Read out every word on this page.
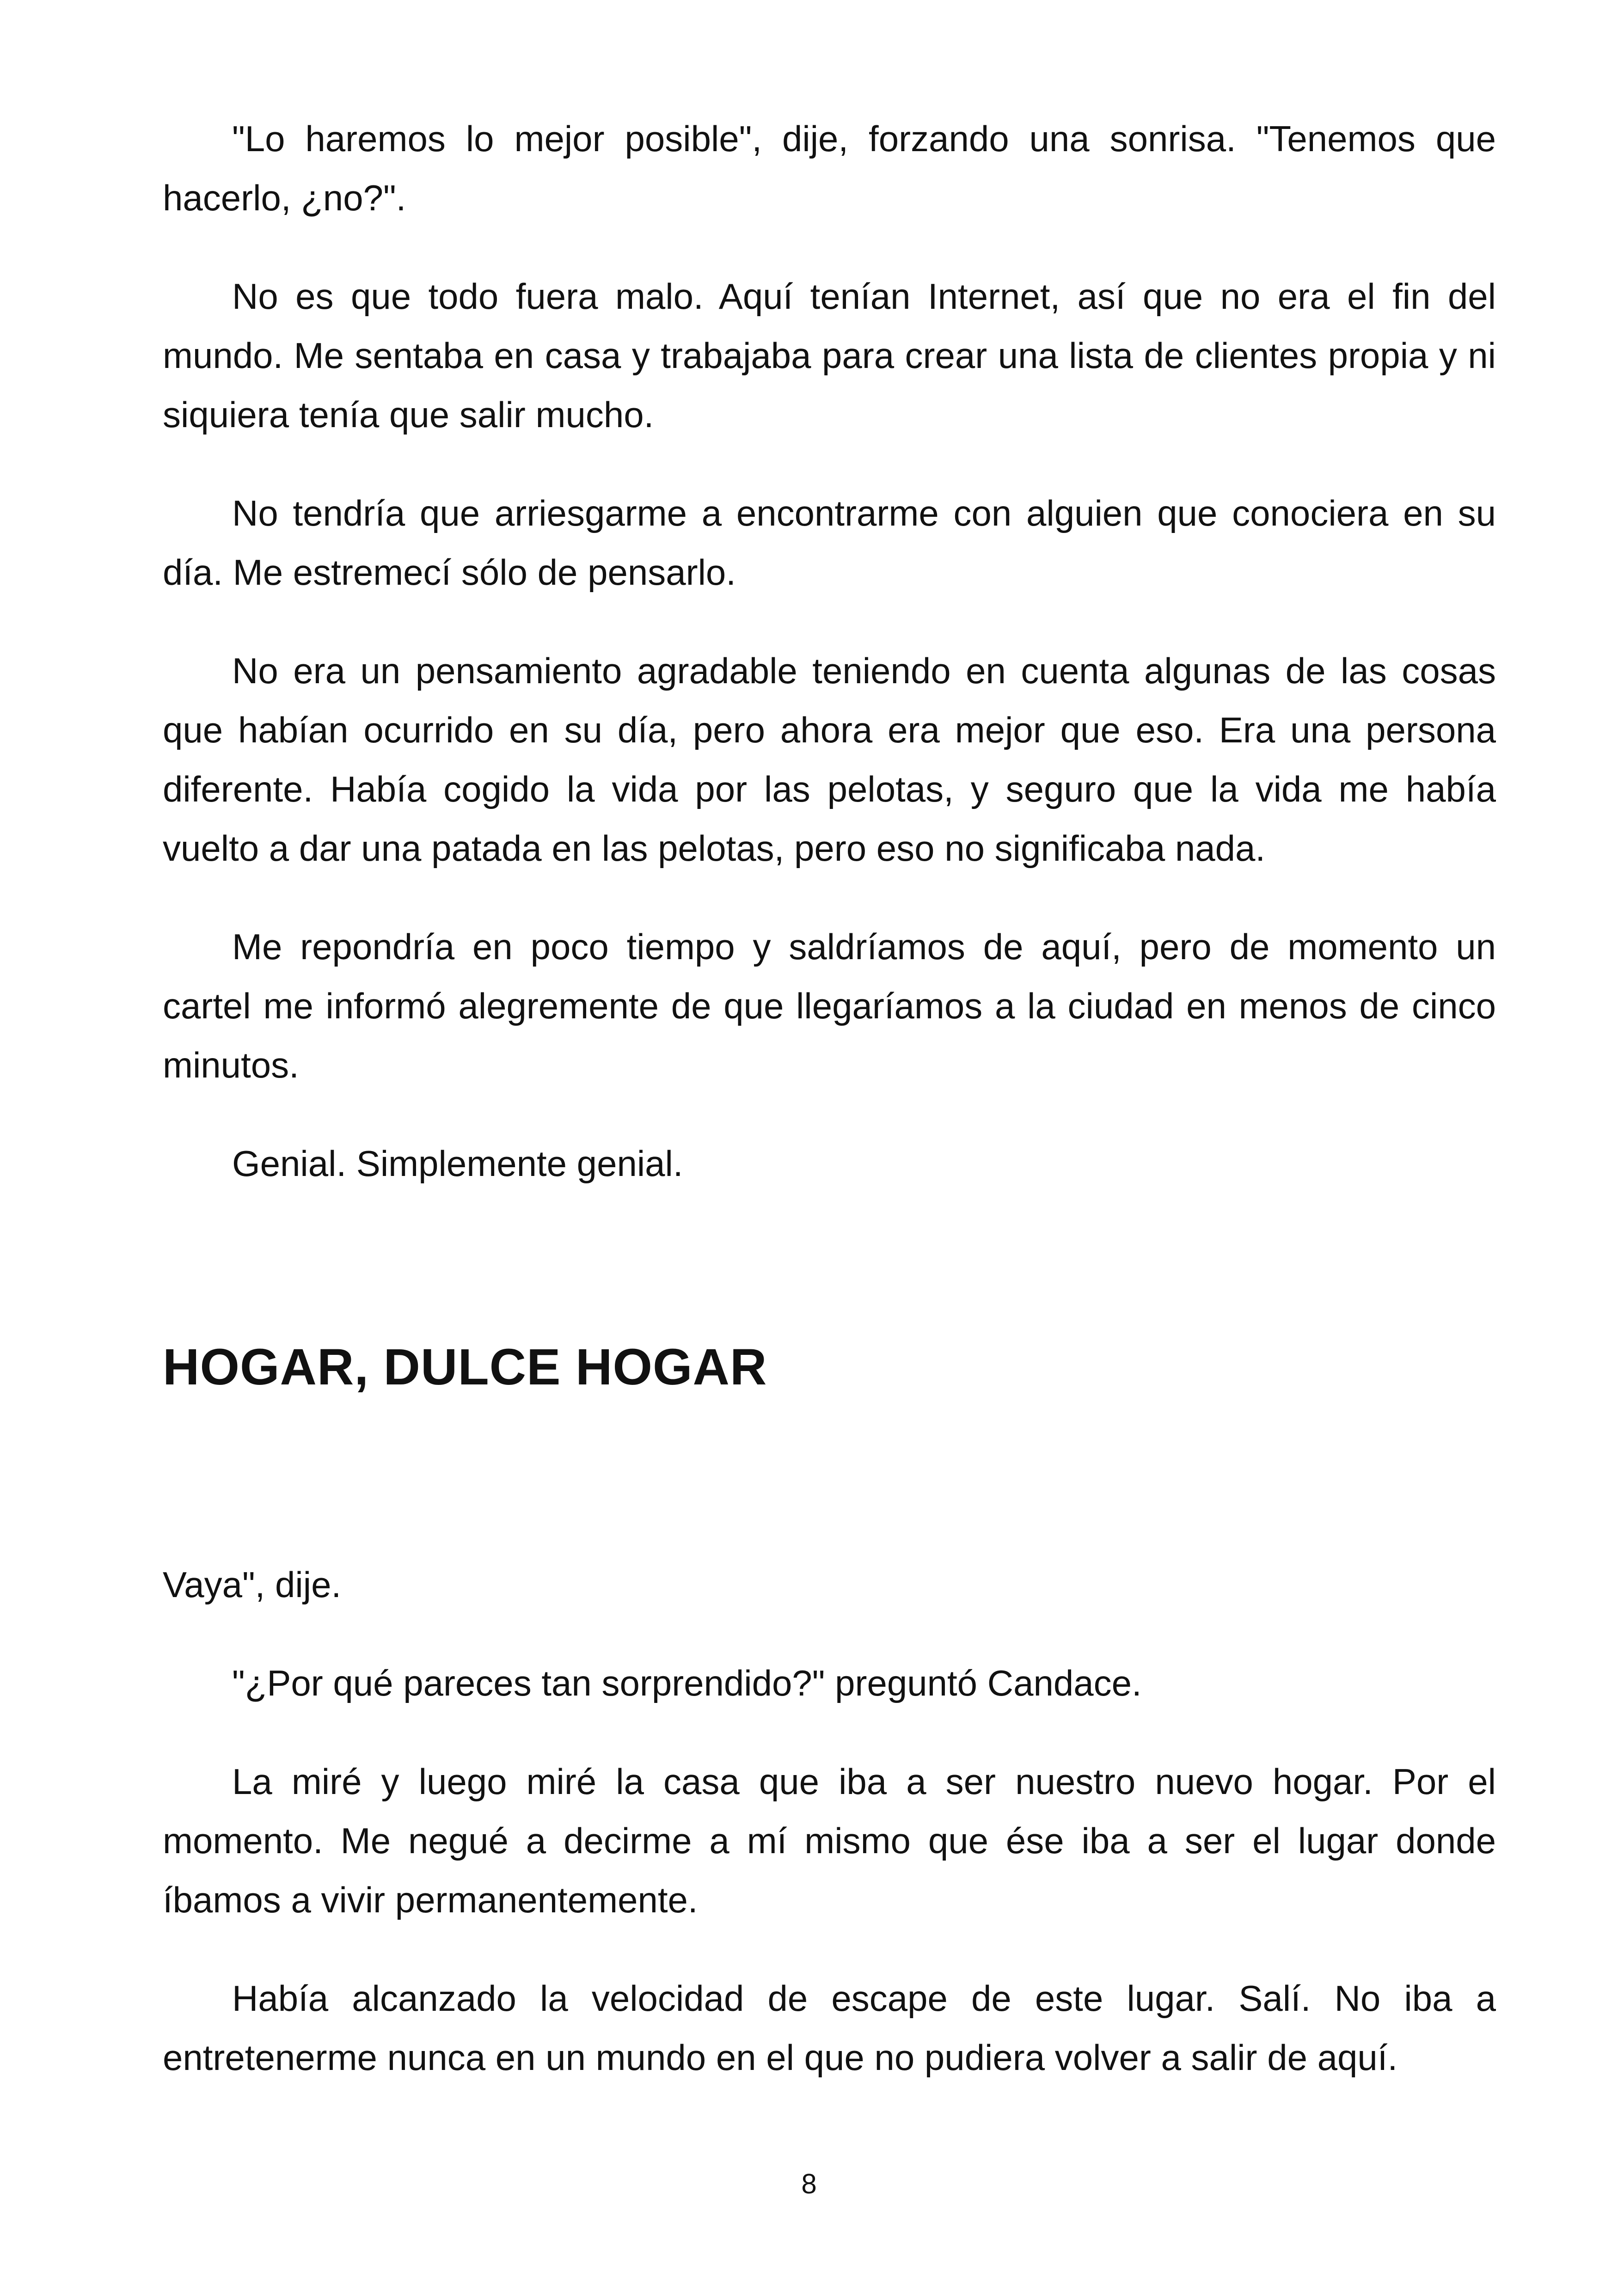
"Lo haremos lo mejor posible", dije, forzando una sonrisa. "Tenemos que hacerlo, ¿no?".

No es que todo fuera malo. Aquí tenían Internet, así que no era el fin del mundo. Me sentaba en casa y trabajaba para crear una lista de clientes propia y ni siquiera tenía que salir mucho.

No tendría que arriesgarme a encontrarme con alguien que conociera en su día. Me estremecí sólo de pensarlo.

No era un pensamiento agradable teniendo en cuenta algunas de las cosas que habían ocurrido en su día, pero ahora era mejor que eso. Era una persona diferente. Había cogido la vida por las pelotas, y seguro que la vida me había vuelto a dar una patada en las pelotas, pero eso no significaba nada.

Me repondría en poco tiempo y saldríamos de aquí, pero de momento un cartel me informó alegremente de que llegaríamos a la ciudad en menos de cinco minutos.

Genial. Simplemente genial.

HOGAR, DULCE HOGAR

Vaya", dije.

"¿Por qué pareces tan sorprendido?" preguntó Candace.

La miré y luego miré la casa que iba a ser nuestro nuevo hogar. Por el momento. Me negué a decirme a mí mismo que ése iba a ser el lugar donde íbamos a vivir permanentemente.

Había alcanzado la velocidad de escape de este lugar. Salí. No iba a entretenerme nunca en un mundo en el que no pudiera volver a salir de aquí.

8
